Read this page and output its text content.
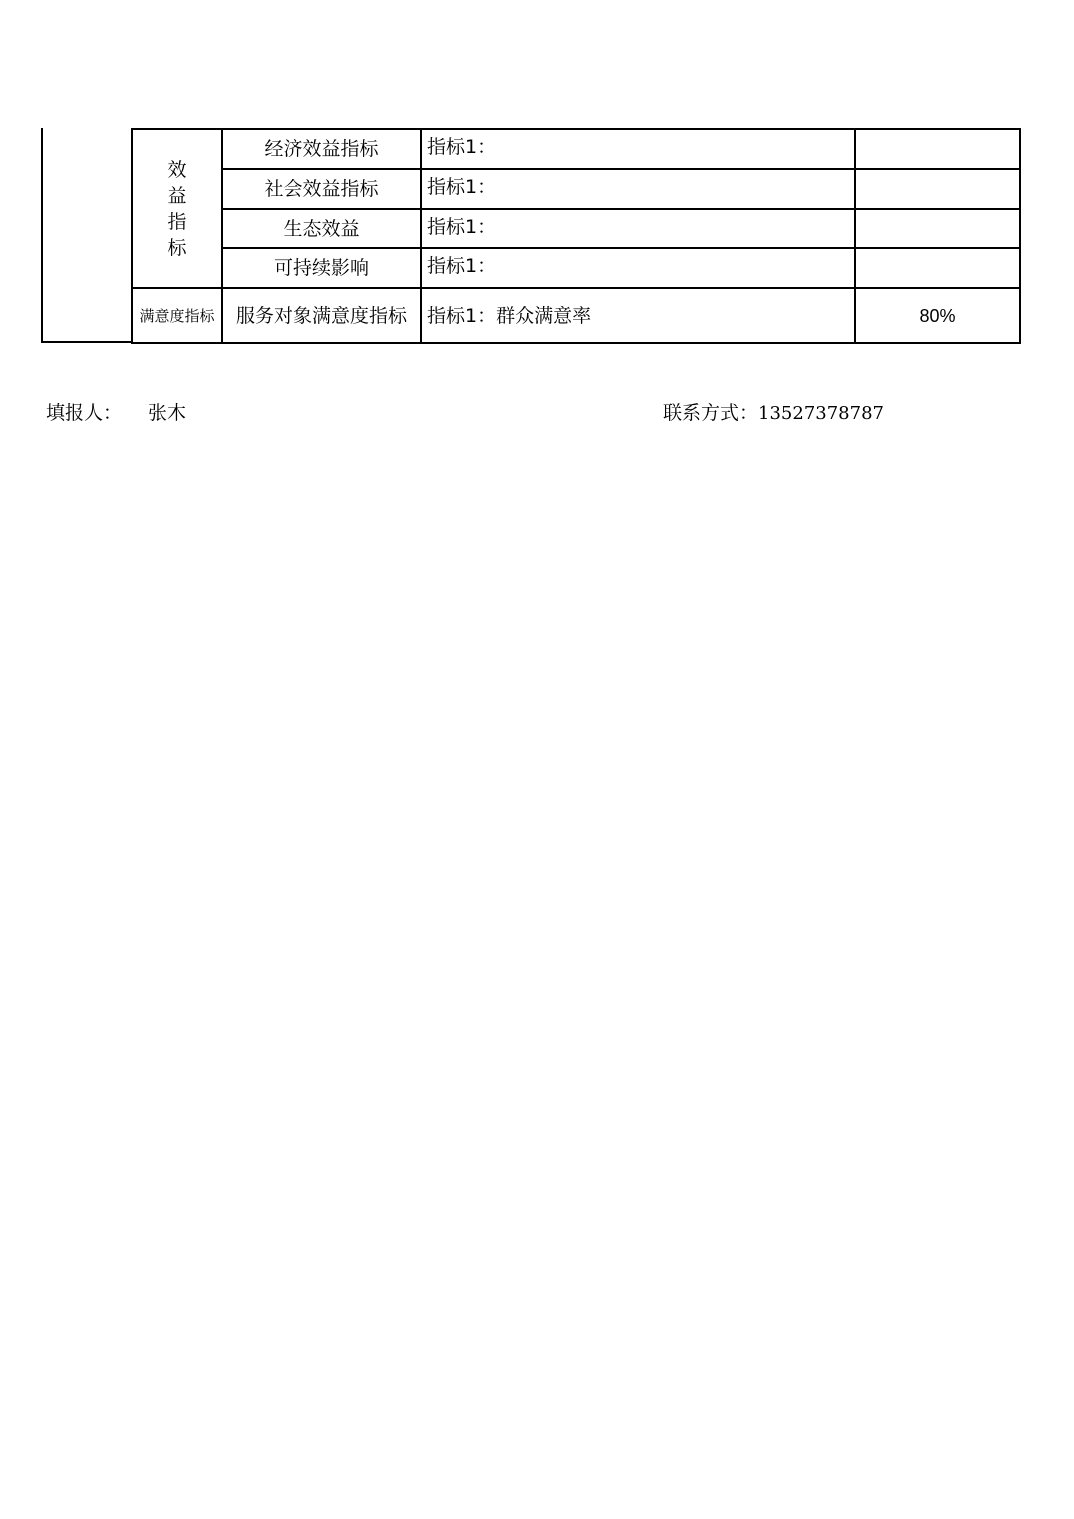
效益指标	经济效益指标	指标1：	
	社会效益指标	指标1：	
	生态效益	指标1：	
	可持续影响	指标1：	
满意度指标	服务对象满意度指标	指标1：群众满意率	80%
填报人： 张木	联系方式：13527378787
